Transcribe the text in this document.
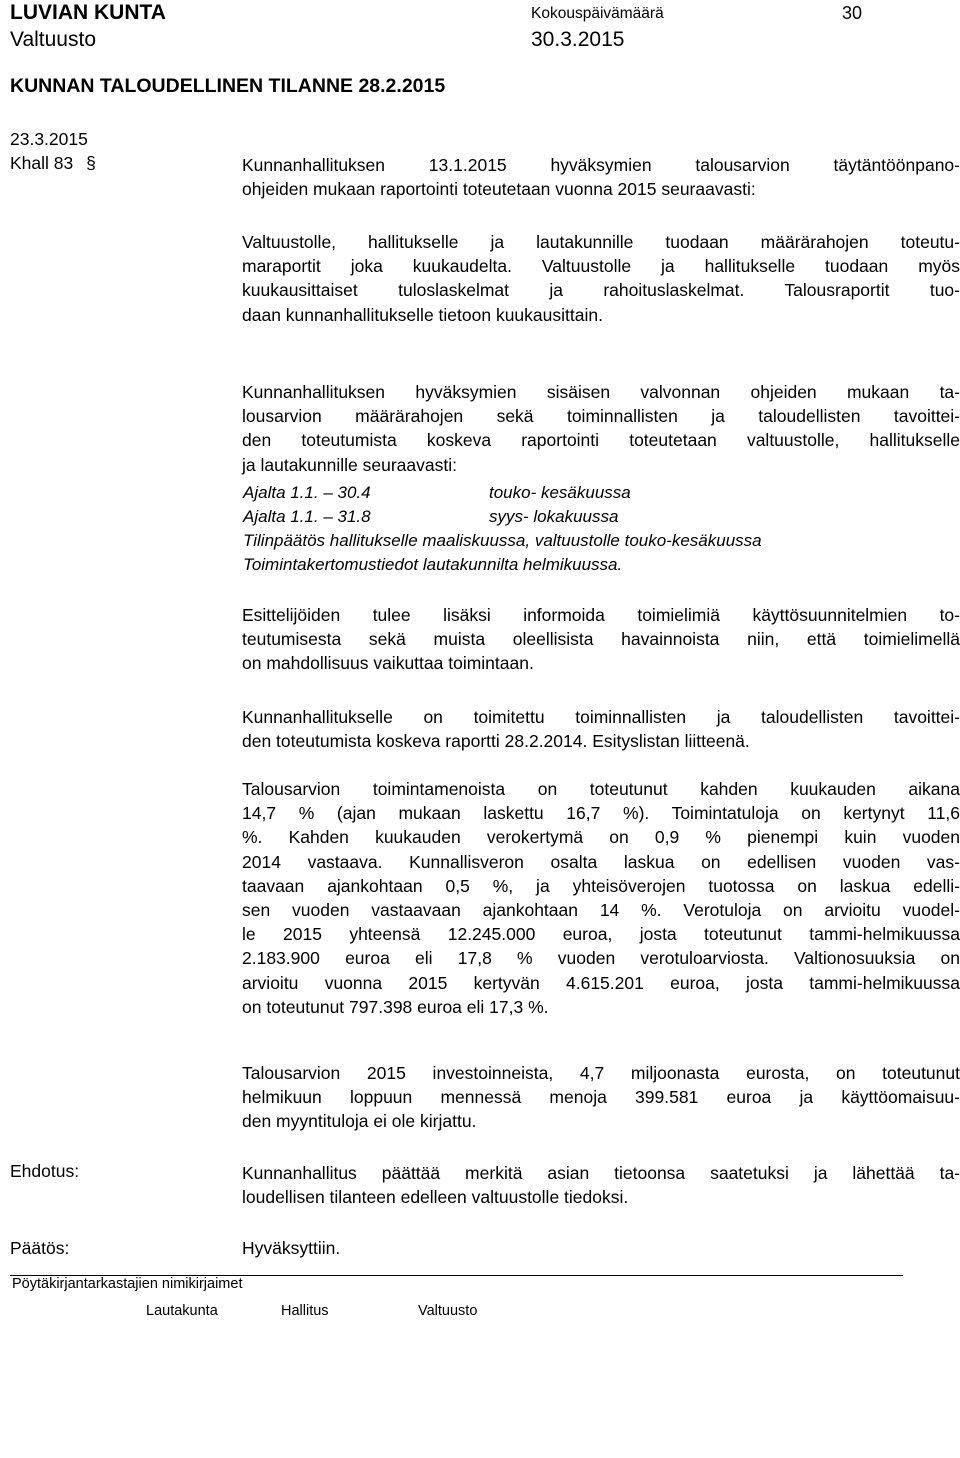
LUVIAN KUNTA	Kokouspäivämäärä	30
Valtuusto	30.3.2015
KUNNAN TALOUDELLINEN TILANNE 28.2.2015
23.3.2015
Khall 83 §	Kunnanhallituksen 13.1.2015 hyväksymien talousarvion täytäntöönpano-
ohjeiden mukaan raportointi toteutetaan vuonna 2015 seuraavasti:
Valtuustolle, hallitukselle ja lautakunnille tuodaan määrärahojen toteutu-
maraportit joka kuukaudelta. Valtuustolle ja hallitukselle tuodaan myös
kuukausittaiset tuloslaskelmat ja rahoituslaskelmat. Talousraportit tuo-
daan kunnanhallitukselle tietoon kuukausittain.
Kunnanhallituksen hyväksymien sisäisen valvonnan ohjeiden mukaan ta-
lousarvion määrärahojen sekä toiminnallisten ja taloudellisten tavoittei-
den toteutumista koskeva raportointi toteutetaan valtuustolle, hallitukselle
ja lautakunnille seuraavasti:
Ajalta 1.1. – 30.4	touko- kesäkuussa
Ajalta 1.1. – 31.8	syys- lokakuussa
Tilinpäätös hallitukselle maaliskuussa, valtuustolle touko-kesäkuussa
Toimintakertomustiedot lautakunnilta helmikuussa.
Esittelijöiden tulee lisäksi informoida toimielimiä käyttösuunnitelmien to-
teutumisesta sekä muista oleellisista havainnoista niin, että toimielimellä
on mahdollisuus vaikuttaa toimintaan.
Kunnanhallitukselle on toimitettu toiminnallisten ja taloudellisten tavoittei-
den toteutumista koskeva raportti 28.2.2014. Esityslistan liitteenä.
Talousarvion toimintamenoista on toteutunut kahden kuukauden aikana
14,7 % (ajan mukaan laskettu 16,7 %). Toimintatuloja on kertynyt 11,6
%. Kahden kuukauden verokertymä on 0,9 % pienempi kuin vuoden
2014 vastaava. Kunnallisveron osalta laskua on edellisen vuoden vas-
taavaan ajankohtaan 0,5 %, ja yhteisöverojen tuotossa on laskua edelli-
sen vuoden vastaavaan ajankohtaan 14 %. Verotuloja on arvioitu vuodel-
le 2015 yhteensä 12.245.000 euroa, josta toteutunut tammi-helmikuussa
2.183.900 euroa eli 17,8 % vuoden verotuloarviosta. Valtionosuuksia on
arvioitu vuonna 2015 kertyvän 4.615.201 euroa, josta tammi-helmikuussa
on toteutunut 797.398 euroa eli 17,3 %.
Talousarvion 2015 investoinneista, 4,7 miljoonasta eurosta, on toteutunut
helmikuun loppuun mennessä menoja 399.581 euroa ja käyttöomaisuu-
den myyntituloja ei ole kirjattu.
Ehdotus:	Kunnanhallitus päättää merkitä asian tietoonsa saatetuksi ja lähettää ta-
loudellisen tilanteen edelleen valtuustolle tiedoksi.
Päätös:	Hyväksyttiin.
Pöytäkirjantarkastajien nimikirjaimet
Lautakunta	Hallitus	Valtuusto
